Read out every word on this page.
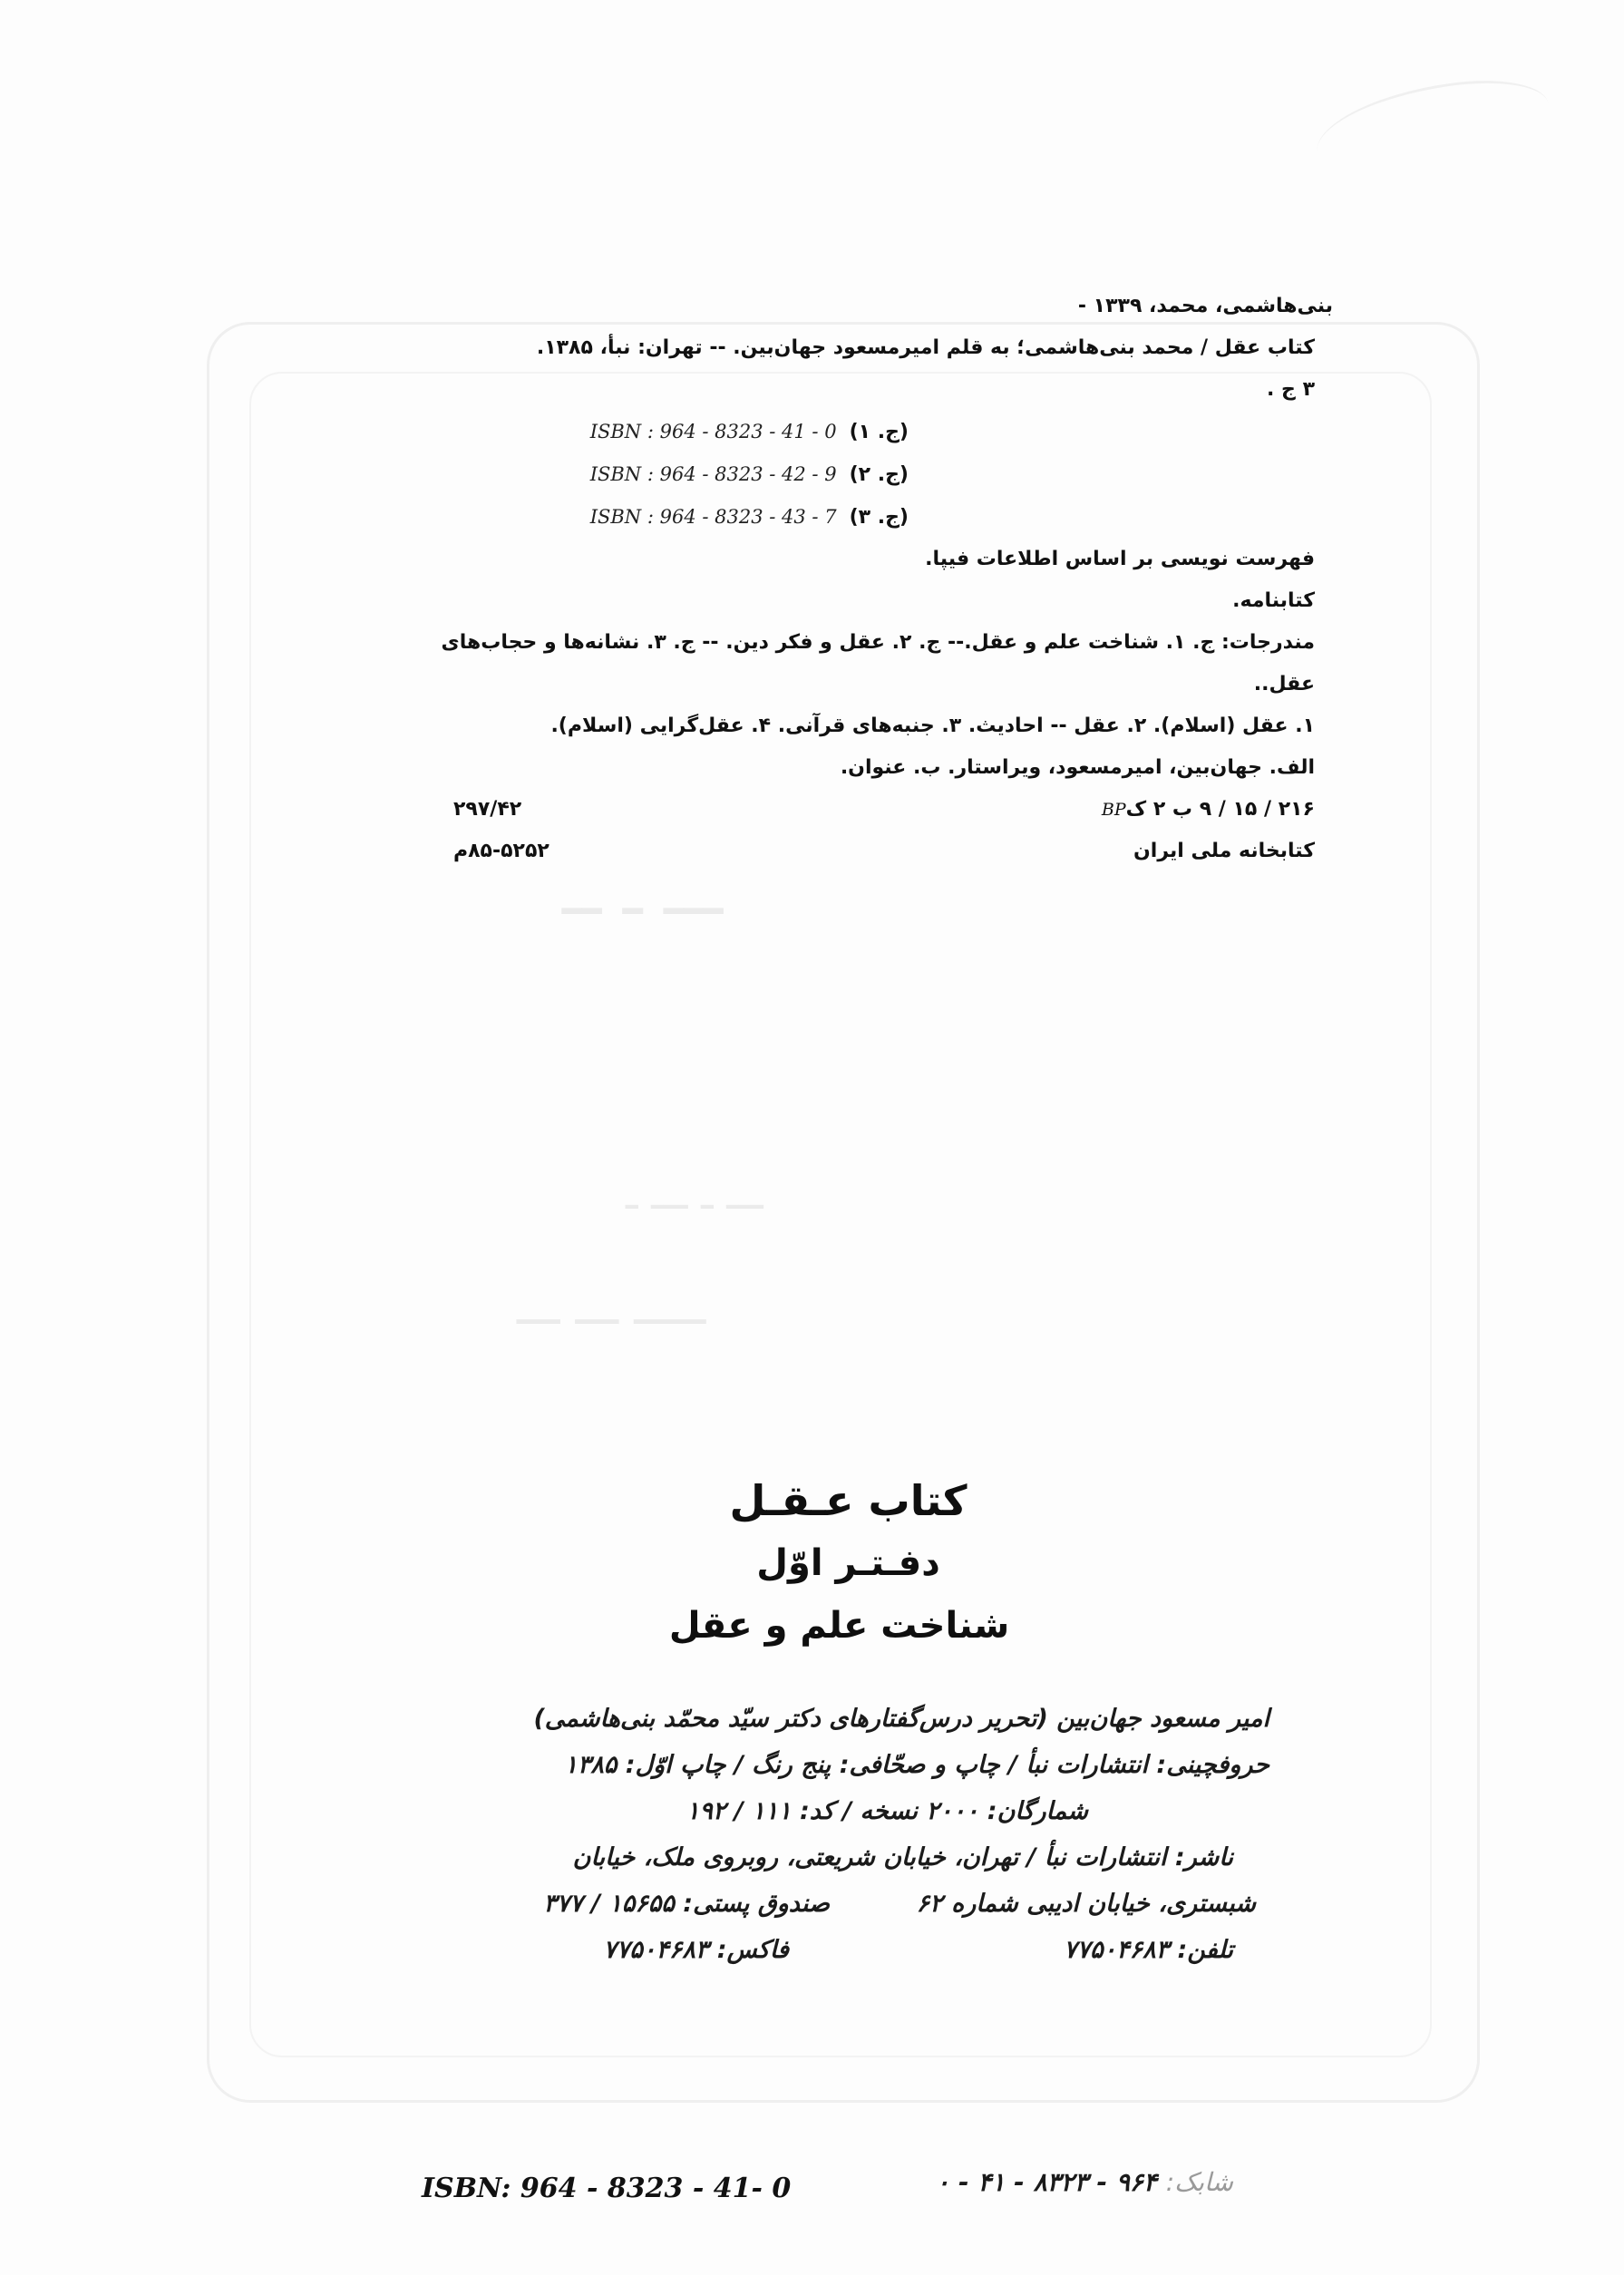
ـــ ـ ــ
ـــ ـ ـــ ـ
ـــــ ـــ ـــ
بنی‌هاشمی، محمد، ۱۳۳۹ -
کتاب عقل / محمد بنی‌هاشمی؛ به قلم امیرمسعود جهان‌بین. -- تهران: نبأ، ۱۳۸۵.
۳ ج .
(ج. ۱)
ISBN : 964 - 8323 - 41 - 0
(ج. ۲)
ISBN : 964 - 8323 - 42 - 9
(ج. ۳)
ISBN : 964 - 8323 - 43 - 7
فهرست نویسی بر اساس اطلاعات فیپا.
کتابنامه.
مندرجات: ج. ۱. شناخت علم و عقل.-- ج. ۲. عقل و فکر دین. -- ج. ۳. نشانه‌ها و حجاب‌های عقل..
۱. عقل (اسلام). ۲. عقل -- احادیث. ۳. جنبه‌های قرآنی. ۴. عقل‌گرایی (اسلام).
الف. جهان‌بین، امیرمسعود، ویراستار. ب. عنوان.
۲۱۶ / ۱۵ / ۹ ب ۲ کBP
۲۹۷/۴۲
کتابخانه ملی ایران
۸۵-۵۲۵۲م
کتاب عـقـل
دفـتـر اوّل
شناخت علم و عقل
امیر مسعود جهان‌بین (تحریر درس‌گفتارهای دکتر سیّد محمّد بنی‌هاشمی)
حروفچینی: انتشارات نبأ / چاپ و صحّافی: پنج رنگ / چاپ اوّل: ۱۳۸۵
شمارگان: ۲۰۰۰ نسخه / کد: ۱۱۱ / ۱۹۲
ناشر: انتشارات نبأ / تهران، خیابان شریعتی، روبروی ملک، خیابان
شبستری، خیابان ادیبی شماره ۶۲
صندوق پستی: ۱۵۶۵۵ / ۳۷۷
تلفن: ۷۷۵۰۴۶۸۳
فاکس: ۷۷۵۰۴۶۸۳
ISBN: 964 - 8323 - 41- 0	شابک: ۹۶۴ - ۸۳۲۳ - ۴۱ - ۰
